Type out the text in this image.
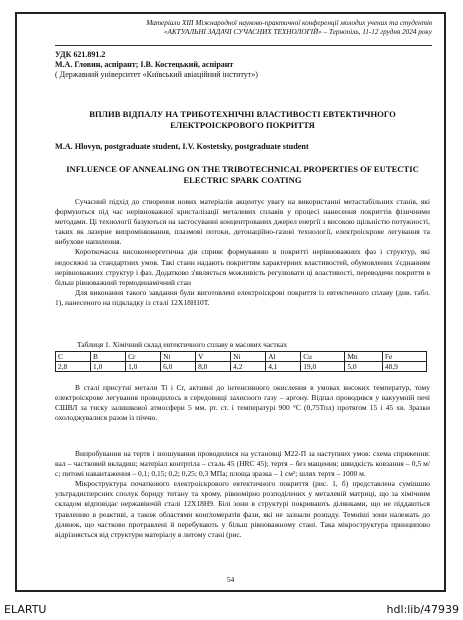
Матеріали XIII Міжнародної науково-практичної конференції молодих учених та студентів
«АКТУАЛЬНІ ЗАДАЧІ СУЧАСНИХ ТЕХНОЛОГІЙ» – Тернопіль, 11-12 грудня 2024 року
УДК 621.891.2
М.А. Гловин, аспірант; І.В. Костецький, аспірант
( Державний університет «Київський авіаційний інститут»)
ВПЛИВ ВІДПАЛУ НА ТРИБОТЕХНІЧНІ ВЛАСТИВОСТІ ЕВТЕКТИЧНОГО ЕЛЕКТРОІСКРОВОГО ПОКРИТТЯ
M.A. Hlovyn, postgraduate student, I.V. Kostetsky, postgraduate student
INFLUENCE OF ANNEALING ON THE TRIBOTECHNICAL PROPERTIES OF EUTECTIC ELECTRIC SPARK COATING

Сучасний підхід до створення нових матеріалів акцентує увагу на використанні метастабільних станів, які формуються під час нерівноважної кристалізації металевих сплавів у процесі нанесення покриттів фізичними методами. Ці технології базуються на застосуванні концентрованих джерел енергії з високою щільністю потужності, таких як лазерне випромінювання, плазмові потоки, детонаційно-газові технології, електроіскрове легування та вибухове напилення.

Короткочасна високоенергетична дія сприяє формуванню в покритті нерівноважних фаз і структур, які недосяжні за стандартних умов. Такі стани надають покриттям характерних властивостей, обумовлених з'єднанням нерівноважних структур і фаз. Додатково з'являється можливість регулювати ці властивості, переводячи покриття в більш рівноважний термодинамічний стан

Для виконання такого завдання були виготовлені електроіскрові покриття із евтектичного сплаву (див. табл. 1), нанесеного на підкладку із сталі 12Х18Н10Т.

Таблиця 1. Хімічний склад евтектичного сплаву в масових частках
C	B	Cr	Ni	V	Ni	Al	Cu	Mn	Fe
2,8	1,0	1,0	6,0	8,0	4,2	4,1	19,0	5,0	48,9

В сталі присутні метали Ti і Cr, активні до інтенсивного окислення в умовах високих температур, тому електроіскрове легування проводилось в середовищі захисного газу – аргону. Відпал проводився у вакуумній печі СШВЛ за тиску залишкової атмосфери 5 мм. рт. ст. і температурі 900 °C (0,75Тпл) протягом 15 і 45 хв. Зразки охолоджувалися разом із піччю.

Випробування на тертя і зношування проводилися на установці М22-П за наступних умов: схема спряження: вал – частковий вкладиш; матеріал контртіла – сталь 45 (HRC 45); тертя – без мащення; швидкість ковзання – 0,5 м/с; питомі навантаження – 0,1; 0,15; 0,2; 0,25; 0,3 МПа; площа зразка – 1 см²; шлях тертя – 1000 м.

Мікроструктура початкового електроіскрового евтектичного покриття (рис. 1, б) представлена сумішшю ультрадисперсних сполук бориду титану та хрому, рівномірно розподілених у металевій матриці, що за хімічним складом відповідає нержавіючій сталі 12Х18Н9. Білі зони в структурі покривають ділянками, що не піддаються травленню в реактиві, а також областями конгломератів фази, які не зазнали розпаду. Темніші зони належать до ділянок, що частково протравлені й перебувають у більш рівноважному стані. Така мікроструктура принципово відрізняється від структури матеріалу в литому стані (рис.

54
ELARTU	hdl:lib/47939
